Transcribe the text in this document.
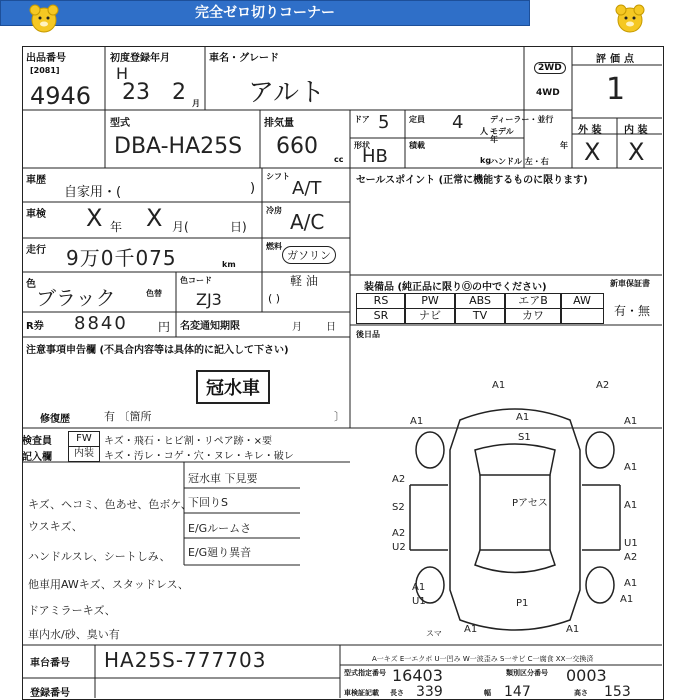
完全ゼロ切りコーナー
出品番号
[2081]
4946
初度登録年月
H
23 2 月
車名・グレード
アルト
2WD
4WD
評価点
1
型式
DBA-HA25S
排気量
660
cc
ドア 5 定員 4 人
ディーラー・並行
モデル年
年
形状
HB
積載
kg
ハンドル 左・右
外 装 内 装
X X
車歴
自家用・(	)
シフト
A/T	セールスポイント (正常に機能するものに限ります)
車検 X 年 X 月(	日)
冷房 A/C
走行 9万0千075	km
燃料
ガソリン
軽 油
( )
色
ブラック	色替
色コード
ZJ3
R券 8840	円 名変通知期限	月 日
装備品 (純正品に限りⓄの中でください)	新車保証書
有・無
RS	PW	ABS	エアB	AW
SR	ナビ	TV	カワ
後日品
注意事項申告欄 (不具合内容等は具体的に記入して下さい)
冠水車
修復歴	有 〔箇所	〕
検査員
記入欄
FW	キズ・飛石・ヒビ割・リペア跡・×要
内装	キズ・汚レ・コゲ・穴・ヌレ・キレ・破レ
キズ、ヘコミ、色あせ、色ボケ、
ウスキズ、
ハンドルスレ、シートしみ、
他車用AWキズ、スタッドレス、
ドアミラーキズ、
車内水/砂、臭い有
冠水車 下見要
下回りS
E/Gルームさ
E/G廻り異音
A1	A2
A1	A1
S1
A1
A2
A1
A2
S2
U2
Pアセス	A1
U1
A2
U1	P1
A1
スマ A1	A1
A1
A1
A一キズ E一エクボ U一凹み W一波歪み S一サビ C一腐食 XX一交換済
車台番号 HA25S-777703
登録番号
型式指定番号 16403	類別区分番号 0003
車検証記載 長さ 339	幅 147	高さ 153
